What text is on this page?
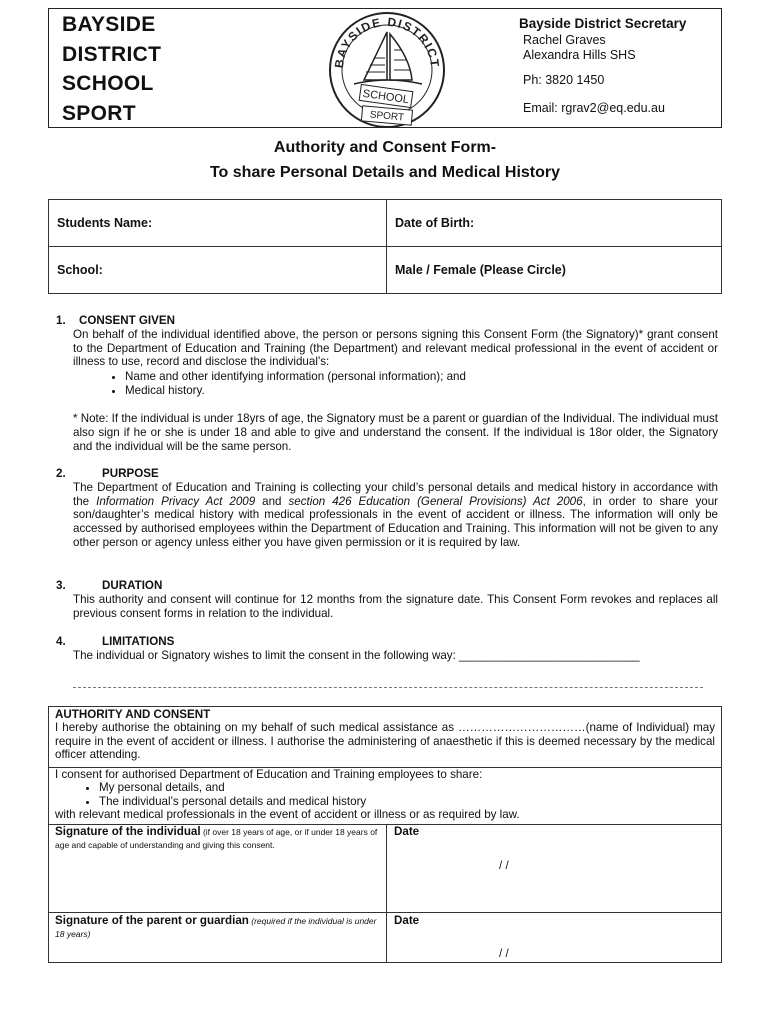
BAYSIDE
DISTRICT
SCHOOL
SPORT
BAYSIDE DISTRICT
SCHOOL
SPORT
Bayside District Secretary
Rachel Graves
Alexandra Hills SHS
Ph: 3820 1450
Email: rgrav2@eq.edu.au
Authority and Consent Form-
To share Personal Details and Medical History
Students Name:	Date of Birth:
School:	Male / Female (Please Circle)
1. CONSENT GIVEN
On behalf of the individual identified above, the person or persons signing this Consent Form (the Signatory)* grant consent to the Department of Education and Training (the Department) and relevant medical professional in the event of accident or illness to use, record and disclose the individual’s:
• Name and other identifying information (personal information); and
• Medical history.
* Note: If the individual is under 18yrs of age, the Signatory must be a parent or guardian of the Individual. The individual must also sign if he or she is under 18 and able to give and understand the consent. If the individual is 18or older, the Signatory and the individual will be the same person.
2.	PURPOSE
The Department of Education and Training is collecting your child’s personal details and medical history in accordance with the Information Privacy Act 2009 and section 426 Education (General Provisions) Act 2006, in order to share your son/daughter’s medical history with medical professionals in the event of accident or illness. The information will only be accessed by authorised employees within the Department of Education and Training. This information will not be given to any other person or agency unless either you have given permission or it is required by law.
3.	DURATION
This authority and consent will continue for 12 months from the signature date. This Consent Form revokes and replaces all previous consent forms in relation to the individual.
4.	LIMITATIONS
The individual or Signatory wishes to limit the consent in the following way: ____________________________
AUTHORITY AND CONSENT
I hereby authorise the obtaining on my behalf of such medical assistance as ……………………………(name of Individual) may require in the event of accident or illness. I authorise the administering of anaesthetic if this is deemed necessary by the medical officer attending.
I consent for authorised Department of Education and Training employees to share:
• My personal details, and
• The individual’s personal details and medical history
with relevant medical professionals in the event of accident or illness or as required by law.
Signature of the individual (if over 18 years of age, or if under 18 years of age and capable of understanding and giving this consent.
Date
/ /
Signature of the parent or guardian (required if the individual is under 18 years)
Date
/ /
